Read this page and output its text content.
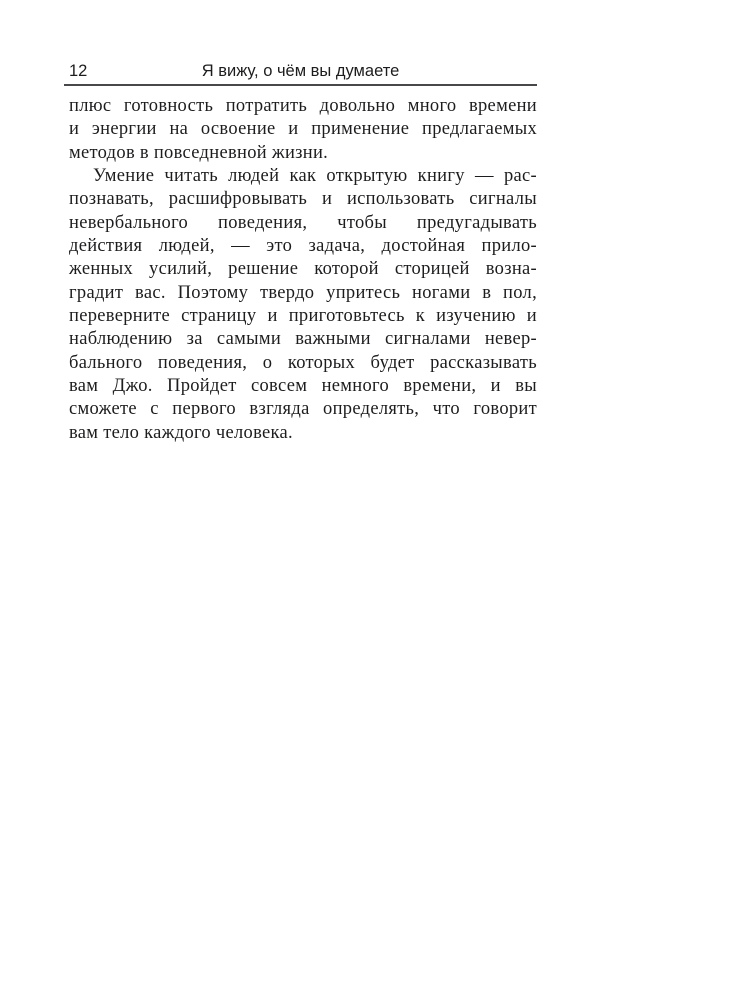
12	Я вижу, о чём вы думаете

плюс готовность потратить довольно много времени
и энергии на освоение и применение предлагаемых
методов в повседневной жизни.

Умение читать людей как открытую книгу — рас-
познавать, расшифровывать и использовать сигналы
невербального поведения, чтобы предугадывать
действия людей, — это задача, достойная прило-
женных усилий, решение которой сторицей возна-
градит вас. Поэтому твердо упритесь ногами в пол,
переверните страницу и приготовьтесь к изучению и
наблюдению за самыми важными сигналами невер-
бального поведения, о которых будет рассказывать
вам Джо. Пройдет совсем немного времени, и вы
сможете с первого взгляда определять, что говорит
вам тело каждого человека.
